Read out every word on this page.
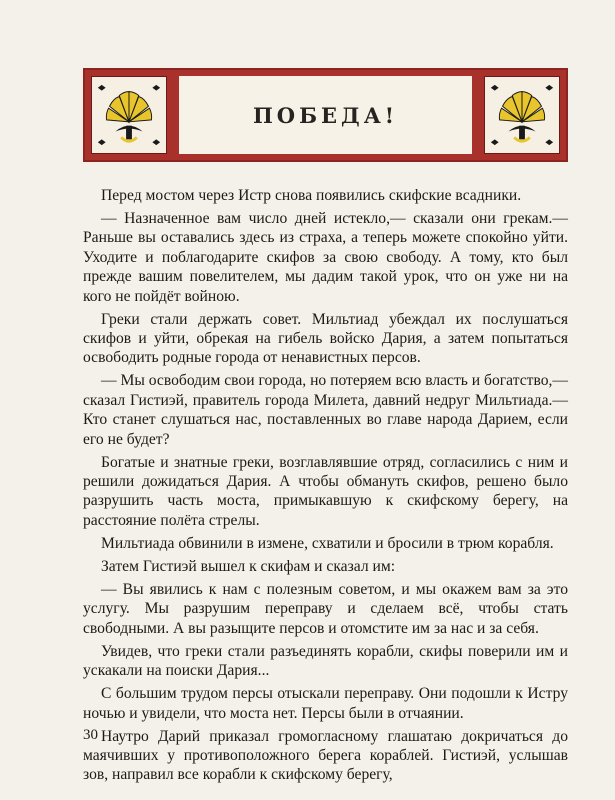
ПОБЕДА!

Перед мостом через Истр снова появились скифские всадники.

— Назначенное вам число дней истекло,— сказали они грекам.— Раньше вы оставались здесь из страха, а теперь можете спокойно уйти. Уходите и поблагодарите скифов за свою свободу. А тому, кто был прежде вашим повелителем, мы дадим такой урок, что он уже ни на кого не пойдёт войною.

Греки стали держать совет. Мильтиад убеждал их послушаться скифов и уйти, обрекая на гибель войско Дария, а затем попытаться освободить родные города от ненавистных персов.

— Мы освободим свои города, но потеряем всю власть и богатство,— сказал Гистиэй, правитель города Милета, давний недруг Мильтиада.— Кто станет слушаться нас, поставленных во главе народа Дарием, если его не будет?

Богатые и знатные греки, возглавлявшие отряд, согласились с ним и решили дожидаться Дария. А чтобы обмануть скифов, решено было разрушить часть моста, примыкавшую к скифскому берегу, на расстояние полёта стрелы.

Мильтиада обвинили в измене, схватили и бросили в трюм корабля.

Затем Гистиэй вышел к скифам и сказал им:

— Вы явились к нам с полезным советом, и мы окажем вам за это услугу. Мы разрушим переправу и сделаем всё, чтобы стать свободными. А вы разыщите персов и отомстите им за нас и за себя.

Увидев, что греки стали разъединять корабли, скифы поверили им и ускакали на поиски Дария...

С большим трудом персы отыскали переправу. Они подошли к Истру ночью и увидели, что моста нет. Персы были в отчаянии.

Наутро Дарий приказал громогласному глашатаю докричаться до маячивших у противоположного берега кораблей. Гистиэй, услышав зов, направил все корабли к скифскому берегу,

30
